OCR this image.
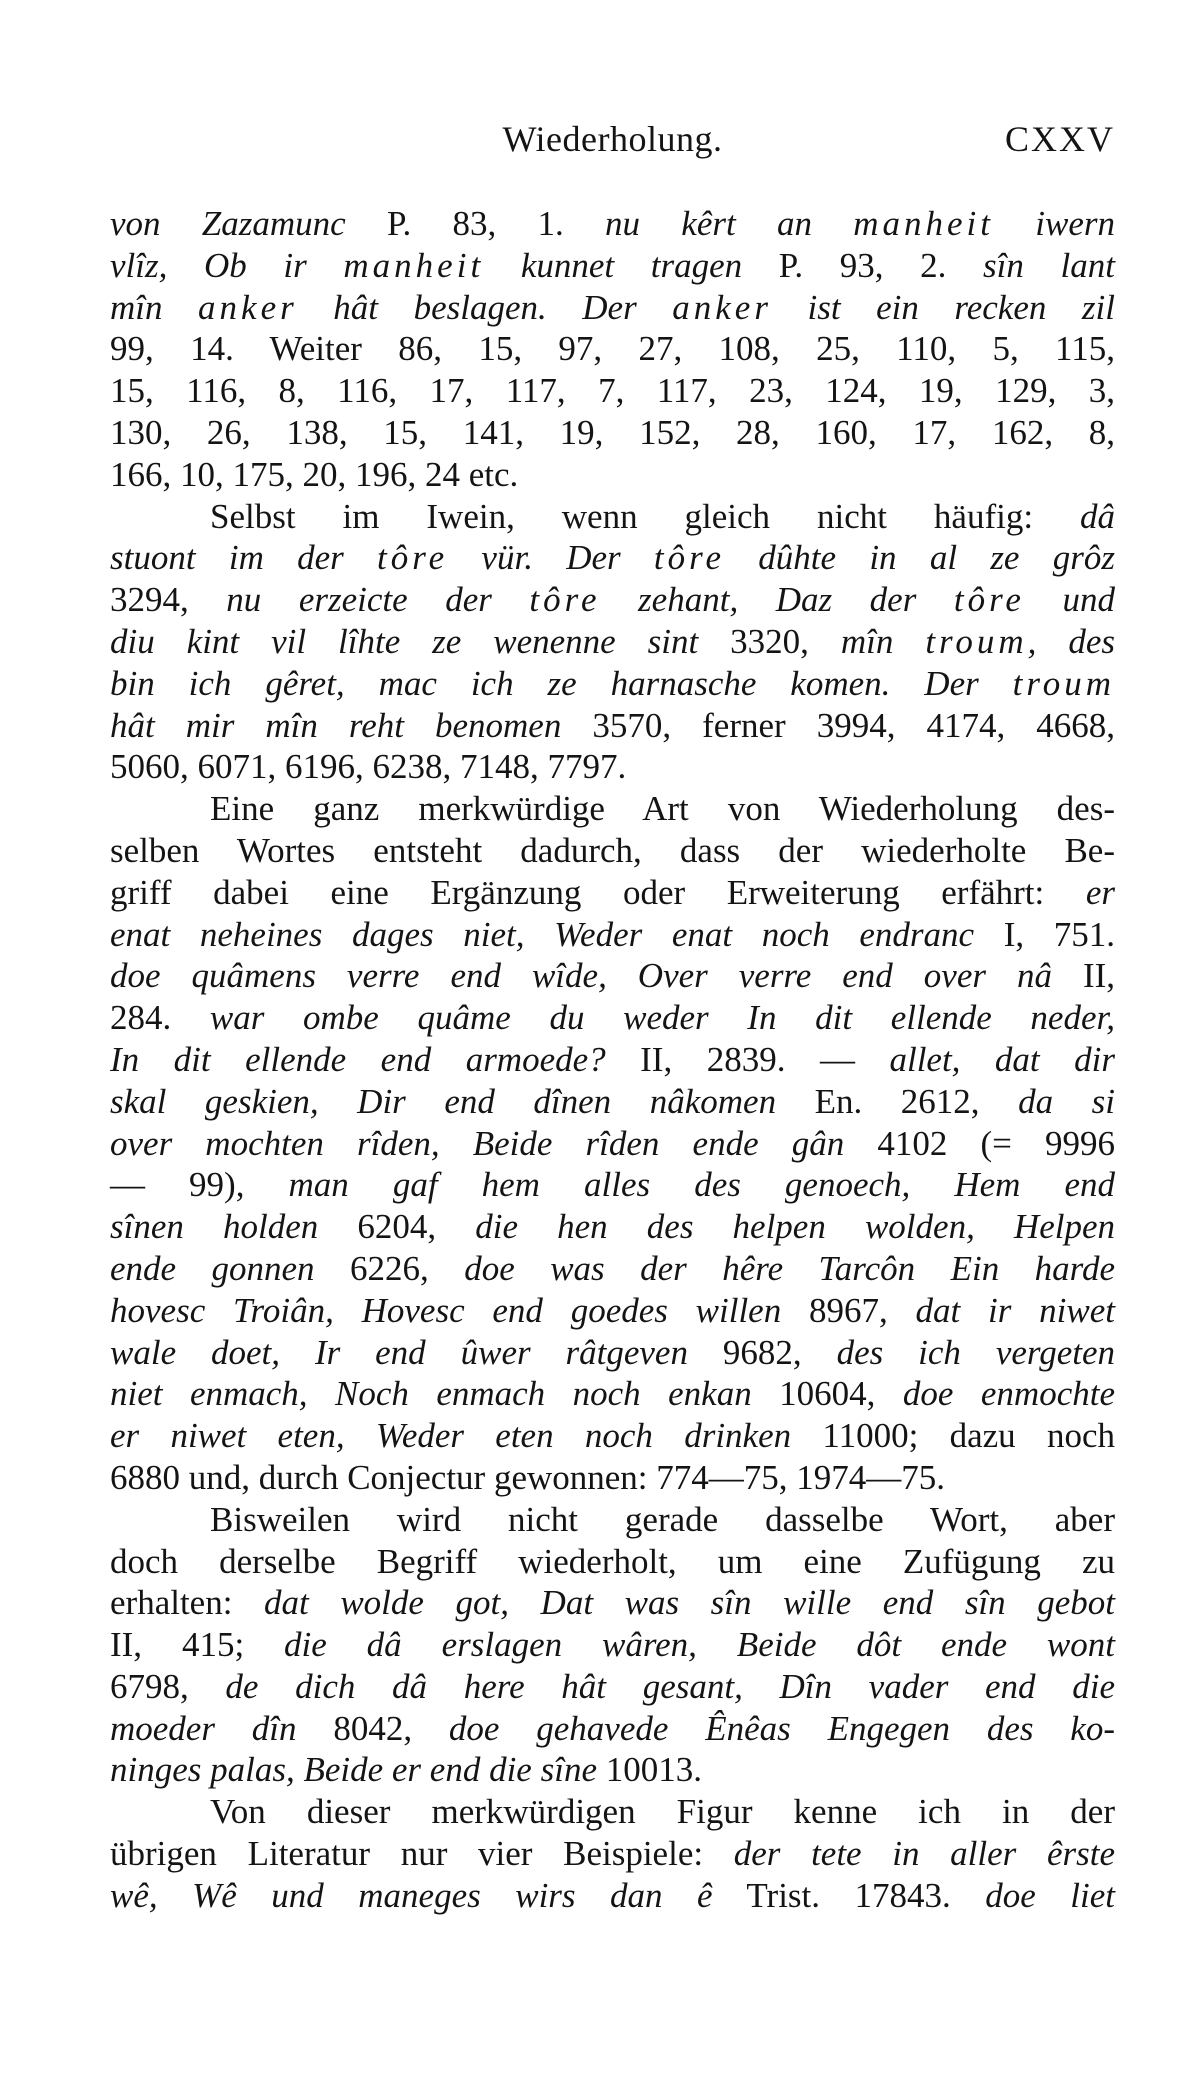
Wiederholung.	CXXV
von Zazamunc P. 83, 1. nu kêrt an manheit iwern
vlîz, Ob ir manheit kunnet tragen P. 93, 2. sîn lant
mîn anker hât beslagen. Der anker ist ein recken zil
99, 14. Weiter 86, 15, 97, 27, 108, 25, 110, 5, 115,
15, 116, 8, 116, 17, 117, 7, 117, 23, 124, 19, 129, 3,
130, 26, 138, 15, 141, 19, 152, 28, 160, 17, 162, 8,
166, 10, 175, 20, 196, 24 etc.
Selbst im Iwein, wenn gleich nicht häufig: dâ
stuont im der tôre vür. Der tôre dûhte in al ze grôz
3294, nu erzeicte der tôre zehant, Daz der tôre und
diu kint vil lîhte ze wenenne sint 3320, mîn troum, des
bin ich gêret, mac ich ze harnasche komen. Der troum
hât mir mîn reht benomen 3570, ferner 3994, 4174, 4668,
5060, 6071, 6196, 6238, 7148, 7797.
Eine ganz merkwürdige Art von Wiederholung des-
selben Wortes entsteht dadurch, dass der wiederholte Be-
griff dabei eine Ergänzung oder Erweiterung erfährt: er
enat neheines dages niet, Weder enat noch endranc I, 751.
doe quâmens verre end wîde, Over verre end over nâ II,
284. war ombe quâme du weder In dit ellende neder,
In dit ellende end armoede? II, 2839. — allet, dat dir
skal geskien, Dir end dînen nâkomen En. 2612, da si
over mochten rîden, Beide rîden ende gân 4102 (= 9996
— 99), man gaf hem alles des genoech, Hem end
sînen holden 6204, die hen des helpen wolden, Helpen
ende gonnen 6226, doe was der hêre Tarcôn Ein harde
hovesc Troiân, Hovesc end goedes willen 8967, dat ir niwet
wale doet, Ir end ûwer râtgeven 9682, des ich vergeten
niet enmach, Noch enmach noch enkan 10604, doe enmochte
er niwet eten, Weder eten noch drinken 11000; dazu noch
6880 und, durch Conjectur gewonnen: 774—75, 1974—75.
Bisweilen wird nicht gerade dasselbe Wort, aber
doch derselbe Begriff wiederholt, um eine Zufügung zu
erhalten: dat wolde got, Dat was sîn wille end sîn gebot
II, 415; die dâ erslagen wâren, Beide dôt ende wont
6798, de dich dâ here hât gesant, Dîn vader end die
moeder dîn 8042, doe gehavede Ênêas Engegen des ko-
ninges palas, Beide er end die sîne 10013.
Von dieser merkwürdigen Figur kenne ich in der
übrigen Literatur nur vier Beispiele: der tete in aller êrste
wê, Wê und maneges wirs dan ê Trist. 17843. doe liet
